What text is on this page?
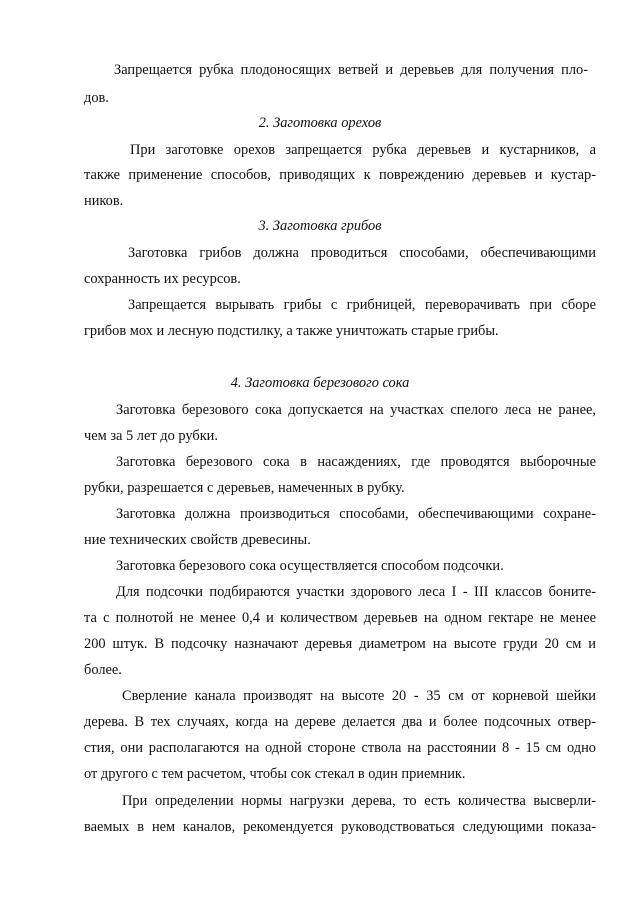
Запрещается рубка плодоносящих ветвей и деревьев для получения пло-
дов.
2. Заготовка орехов
При заготовке орехов запрещается рубка деревьев и кустарников, а
также применение способов, приводящих к повреждению деревьев и кустар-
ников.
3. Заготовка грибов
Заготовка грибов должна проводиться способами, обеспечивающими
сохранность их ресурсов.
Запрещается вырывать грибы с грибницей, переворачивать при сборе
грибов мох и лесную подстилку, а также уничтожать старые грибы.
4. Заготовка березового сока
Заготовка березового сока допускается на участках спелого леса не ранее,
чем за 5 лет до рубки.
Заготовка березового сока в насаждениях, где проводятся выборочные
рубки, разрешается с деревьев, намеченных в рубку.
Заготовка должна производиться способами, обеспечивающими сохране-
ние технических свойств древесины.
Заготовка березового сока осуществляется способом подсочки.
Для подсочки подбираются участки здорового леса I - III классов бонитe-
та с полнотой не менее 0,4 и количеством деревьев на одном гектаре не менее
200 штук. В подсочку назначают деревья диаметром на высоте груди 20 см и
более.
Сверление канала производят на высоте 20 - 35 см от корневой шейки
дерева. В тех случаях, когда на дереве делается два и более подсочных отвер-
стия, они располагаются на одной стороне ствола на расстоянии 8 - 15 см одно
от другого с тем расчетом, чтобы сок стекал в один приемник.
При определении нормы нагрузки дерева, то есть количества высверли-
ваемых в нем каналов, рекомендуется руководствоваться следующими показа-
